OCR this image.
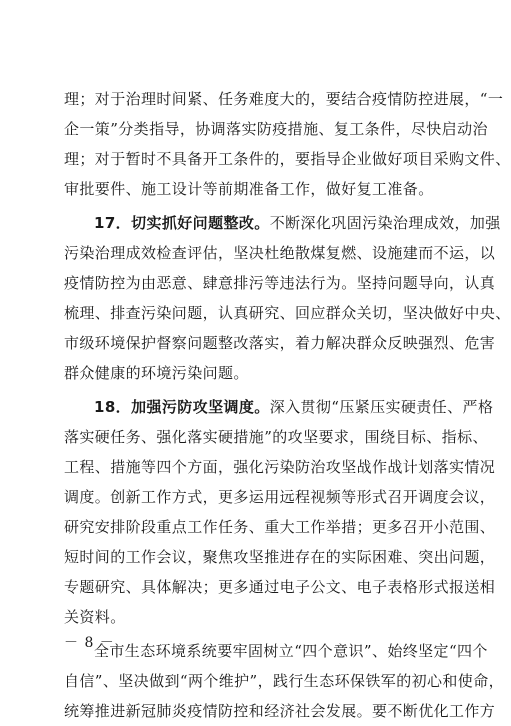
理；对于治理时间紧、任务难度大的，要结合疫情防控进展，“一
企一策”分类指导，协调落实防疫措施、复工条件，尽快启动治
理；对于暂时不具备开工条件的，要指导企业做好项目采购文件、
审批要件、施工设计等前期准备工作，做好复工准备。
17．切实抓好问题整改。不断深化巩固污染治理成效，加强
污染治理成效检查评估，坚决杜绝散煤复燃、设施建而不运，以
疫情防控为由恶意、肆意排污等违法行为。坚持问题导向，认真
梳理、排查污染问题，认真研究、回应群众关切，坚决做好中央、
市级环境保护督察问题整改落实，着力解决群众反映强烈、危害
群众健康的环境污染问题。
18．加强污防攻坚调度。深入贯彻“压紧压实硬责任、严格
落实硬任务、强化落实硬措施”的攻坚要求，围绕目标、指标、
工程、措施等四个方面，强化污染防治攻坚战作战计划落实情况
调度。创新工作方式，更多运用远程视频等形式召开调度会议，
研究安排阶段重点工作任务、重大工作举措；更多召开小范围、
短时间的工作会议，聚焦攻坚推进存在的实际困难、突出问题，
专题研究、具体解决；更多通过电子公文、电子表格形式报送相
关资料。
全市生态环境系统要牢固树立“四个意识”、始终坚定“四个
自信”、坚决做到“两个维护”，践行生态环保铁军的初心和使命，
统筹推进新冠肺炎疫情防控和经济社会发展。要不断优化工作方
－ 8 －
